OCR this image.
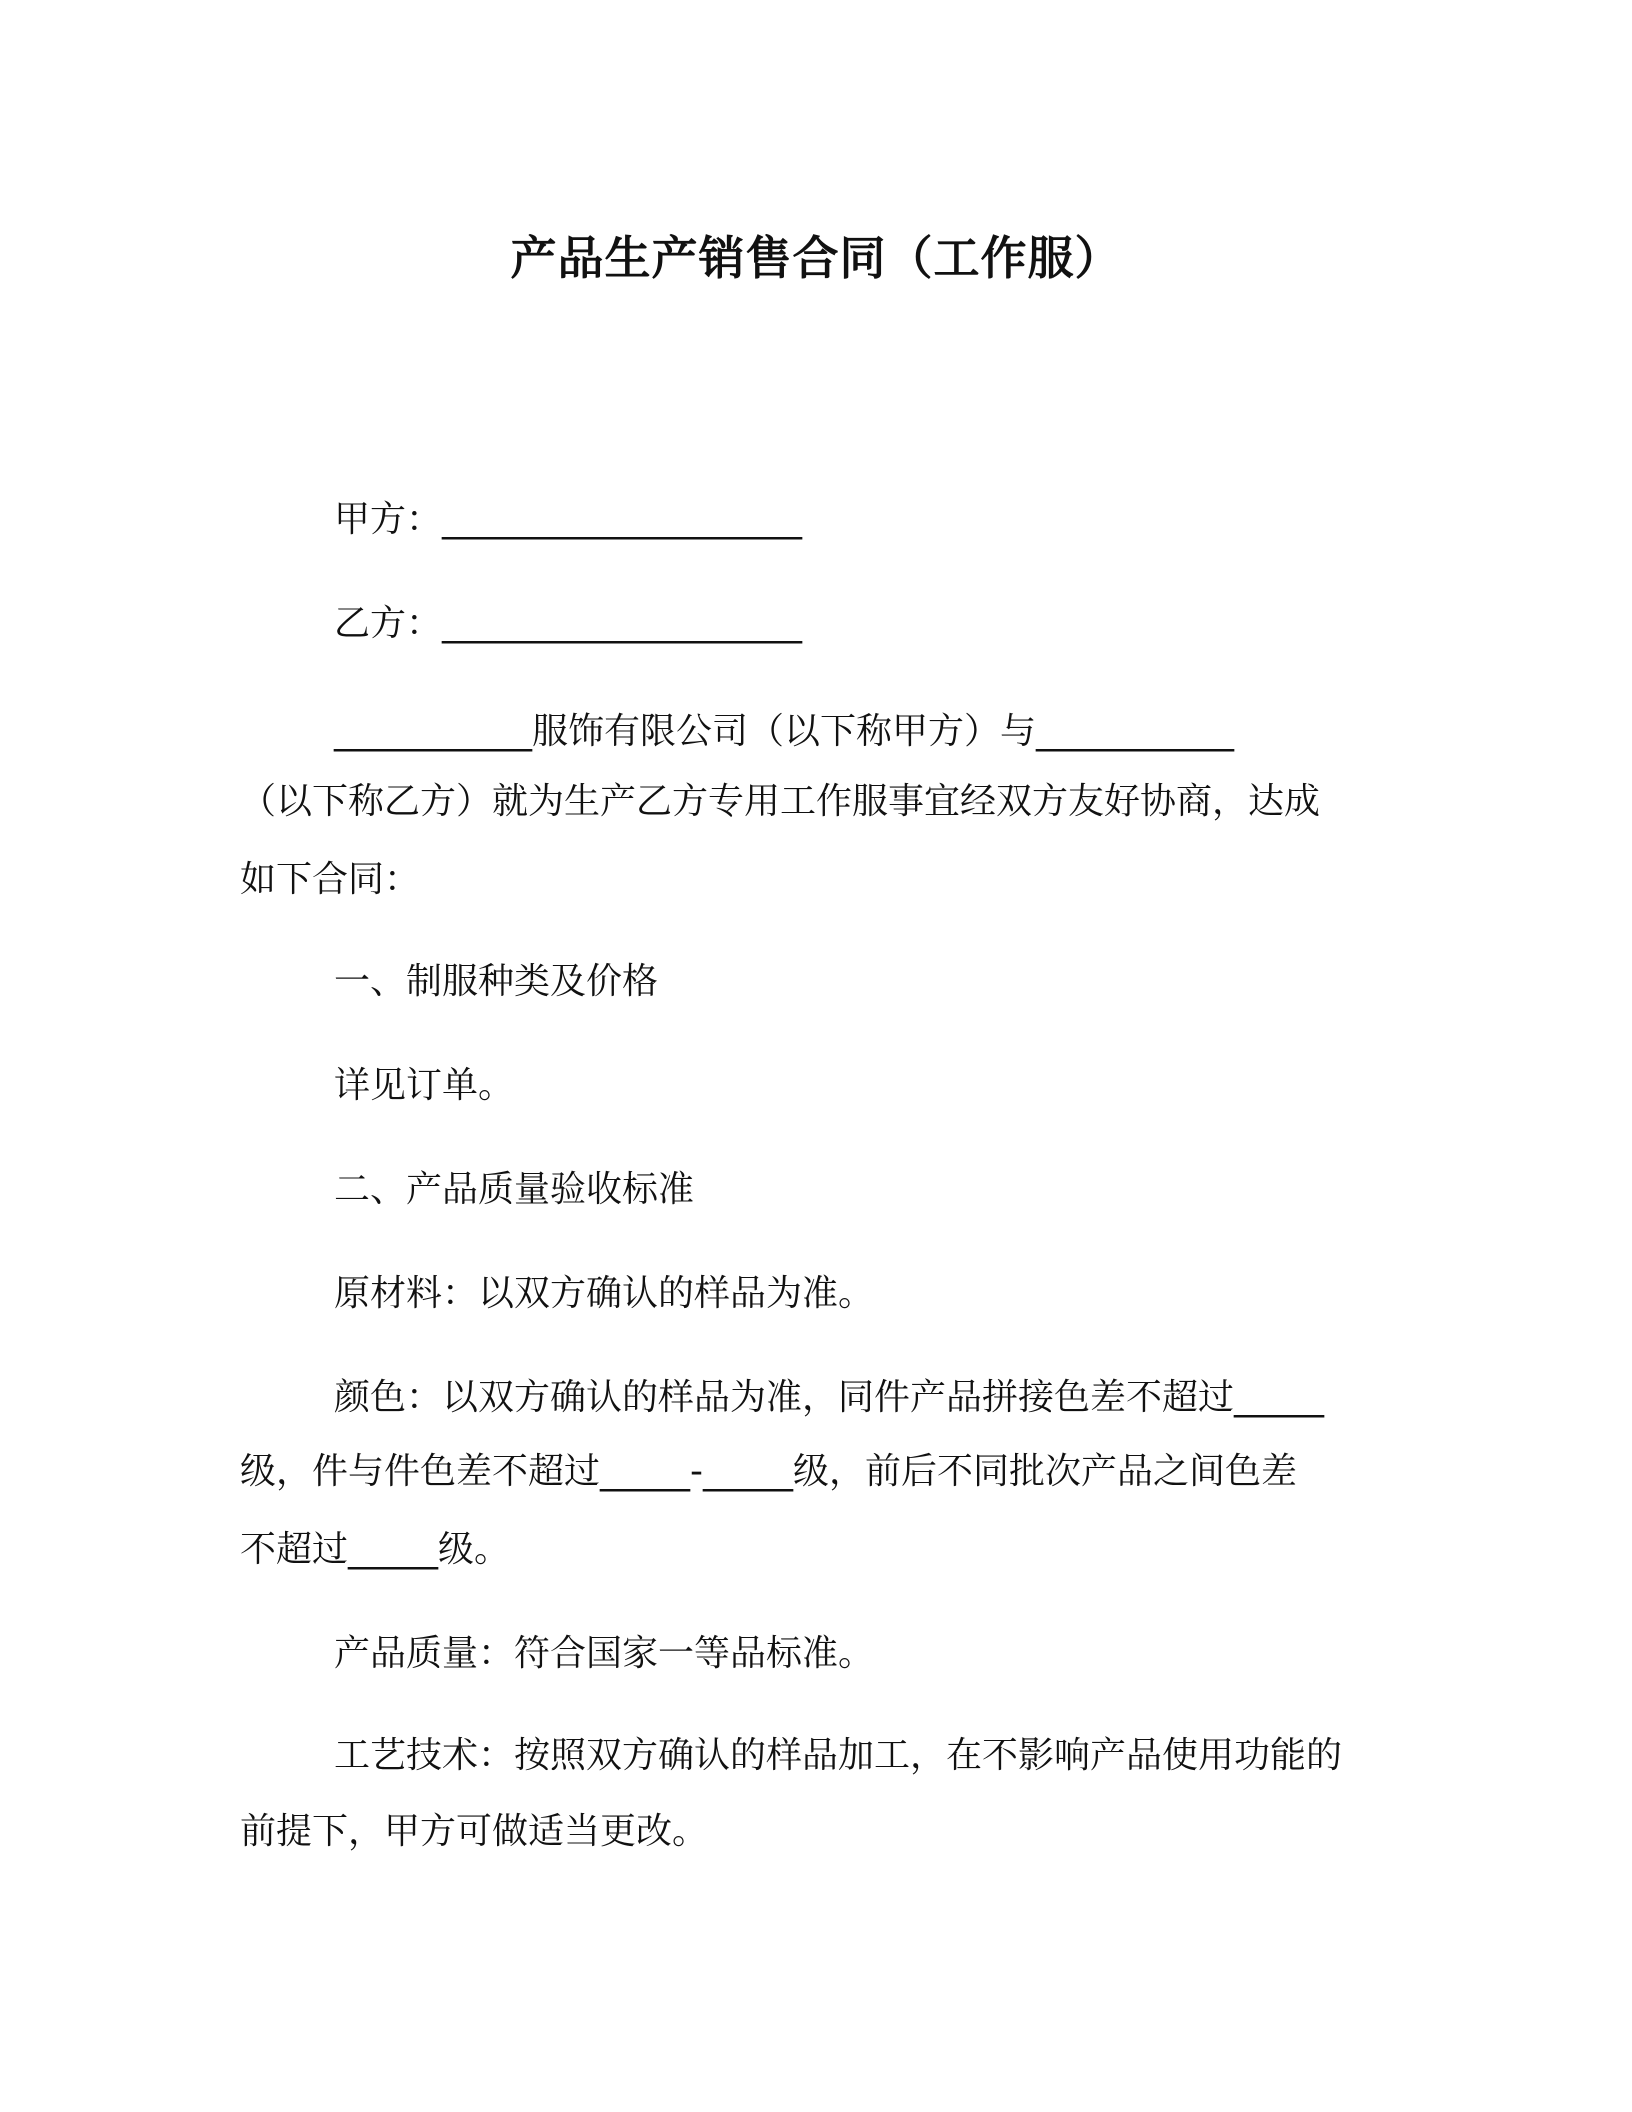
产品生产销售合同（工作服）
甲方：____________________
乙方：____________________
___________服饰有限公司（以下称甲方）与___________
（以下称乙方）就为生产乙方专用工作服事宜经双方友好协商，达成
如下合同：
一、制服种类及价格
详见订单。
二、产品质量验收标准
原材料：以双方确认的样品为准。
颜色：以双方确认的样品为准，同件产品拼接色差不超过_____
级，件与件色差不超过_____-_____级，前后不同批次产品之间色差
不超过_____级。
产品质量：符合国家一等品标准。
工艺技术：按照双方确认的样品加工，在不影响产品使用功能的
前提下，甲方可做适当更改。
